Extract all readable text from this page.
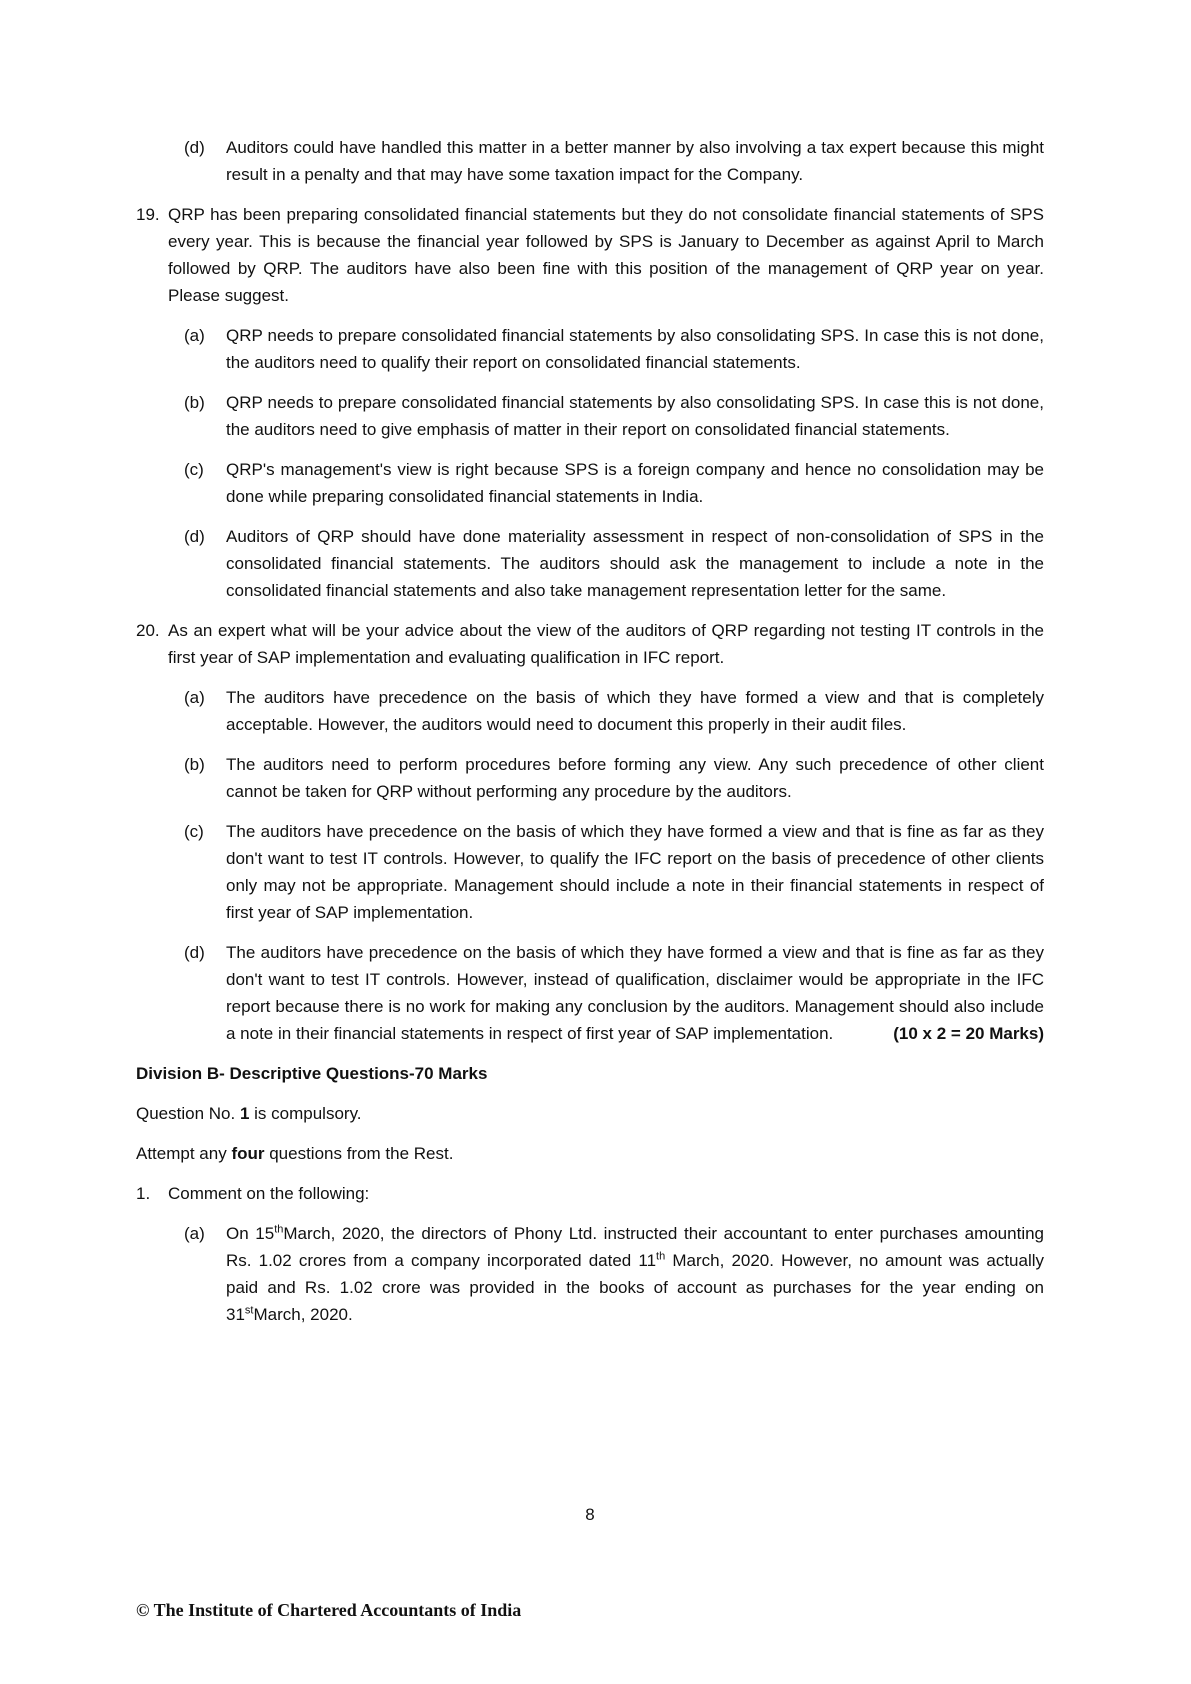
(d)	Auditors could have handled this matter in a better manner by also involving a tax expert because this might result in a penalty and that may have some taxation impact for the Company.

19. QRP has been preparing consolidated financial statements but they do not consolidate financial statements of SPS every year. This is because the financial year followed by SPS is January to December as against April to March followed by QRP. The auditors have also been fine with this position of the management of QRP year on year. Please suggest.

(a)	QRP needs to prepare consolidated financial statements by also consolidating SPS. In case this is not done, the auditors need to qualify their report on consolidated financial statements.

(b)	QRP needs to prepare consolidated financial statements by also consolidating SPS. In case this is not done, the auditors need to give emphasis of matter in their report on consolidated financial statements.

(c)	QRP's management's view is right because SPS is a foreign company and hence no consolidation may be done while preparing consolidated financial statements in India.

(d)	Auditors of QRP should have done materiality assessment in respect of non-consolidation of SPS in the consolidated financial statements. The auditors should ask the management to include a note in the consolidated financial statements and also take management representation letter for the same.

20. As an expert what will be your advice about the view of the auditors of QRP regarding not testing IT controls in the first year of SAP implementation and evaluating qualification in IFC report.

(a)	The auditors have precedence on the basis of which they have formed a view and that is completely acceptable. However, the auditors would need to document this properly in their audit files.

(b)	The auditors need to perform procedures before forming any view. Any such precedence of other client cannot be taken for QRP without performing any procedure by the auditors.

(c)	The auditors have precedence on the basis of which they have formed a view and that is fine as far as they don't want to test IT controls. However, to qualify the IFC report on the basis of precedence of other clients only may not be appropriate. Management should include a note in their financial statements in respect of first year of SAP implementation.

(d)	The auditors have precedence on the basis of which they have formed a view and that is fine as far as they don't want to test IT controls. However, instead of qualification, disclaimer would be appropriate in the IFC report because there is no work for making any conclusion by the auditors. Management should also include a note in their financial statements in respect of first year of SAP implementation.	(10 x 2 = 20 Marks)
Division B- Descriptive Questions-70 Marks

Question No. 1 is compulsory.

Attempt any four questions from the Rest.

1.	Comment on the following:

(a)	On 15thMarch, 2020, the directors of Phony Ltd. instructed their accountant to enter purchases amounting Rs. 1.02 crores from a company incorporated dated 11th March, 2020. However, no amount was actually paid and Rs. 1.02 crore was provided in the books of account as purchases for the year ending on 31stMarch, 2020.

8
© The Institute of Chartered Accountants of India
